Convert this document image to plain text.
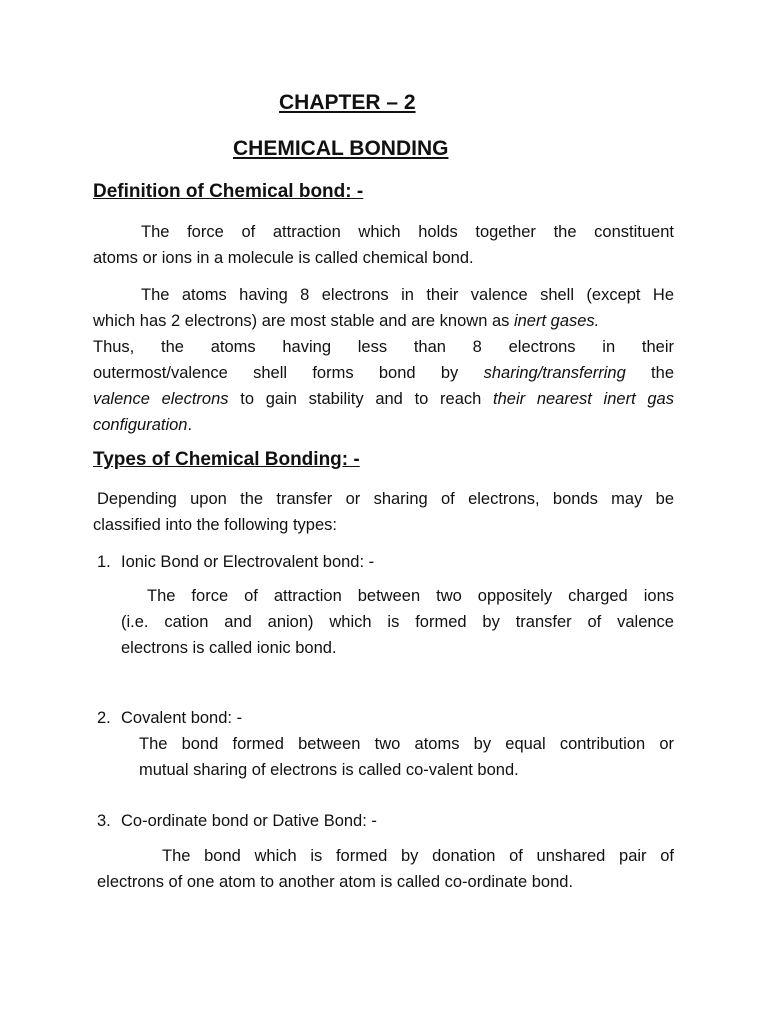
CHAPTER – 2
CHEMICAL BONDING
Definition of Chemical bond: -

The force of attraction which holds together the constituent

atoms or ions in a molecule is called chemical bond.

The atoms having 8 electrons in their valence shell (except He

which has 2 electrons) are most stable and are known as inert gases.

Thus, the atoms having less than 8 electrons in their

outermost/valence shell forms bond by sharing/transferring the

valence electrons to gain stability and to reach their nearest inert gas

configuration.

Types of Chemical Bonding: -

Depending upon the transfer or sharing of electrons, bonds may be

classified into the following types:

1. Ionic Bond or Electrovalent bond: -

The force of attraction between two oppositely charged ions

(i.e. cation and anion) which is formed by transfer of valence

electrons is called ionic bond.

2. Covalent bond: -

The bond formed between two atoms by equal contribution or

mutual sharing of electrons is called co-valent bond.

3. Co-ordinate bond or Dative Bond: -

The bond which is formed by donation of unshared pair of

electrons of one atom to another atom is called co-ordinate bond.
